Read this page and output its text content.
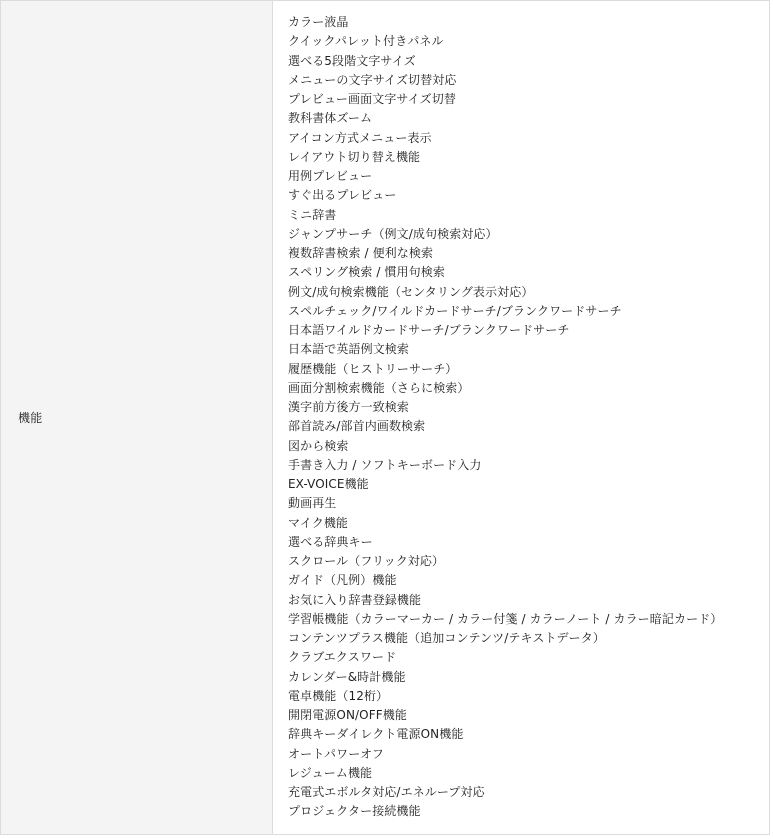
機能

カラー液晶
クイックパレット付きパネル
選べる5段階文字サイズ
メニューの文字サイズ切替対応
プレビュー画面文字サイズ切替
教科書体ズーム
アイコン方式メニュー表示
レイアウト切り替え機能
用例プレビュー
すぐ出るプレビュー
ミニ辞書
ジャンプサーチ（例文/成句検索対応）
複数辞書検索 / 便利な検索
スペリング検索 / 慣用句検索
例文/成句検索機能（センタリング表示対応）
スペルチェック/ワイルドカードサーチ/ブランクワードサーチ
日本語ワイルドカードサーチ/ブランクワードサーチ
日本語で英語例文検索
履歴機能（ヒストリーサーチ）
画面分割検索機能（さらに検索）
漢字前方後方一致検索
部首読み/部首内画数検索
図から検索
手書き入力 / ソフトキーボード入力
EX-VOICE機能
動画再生
マイク機能
選べる辞典キー
スクロール（フリック対応）
ガイド（凡例）機能
お気に入り辞書登録機能
学習帳機能（カラーマーカー / カラー付箋 / カラーノート / カラー暗記カード）
コンテンツプラス機能（追加コンテンツ/テキストデータ）
クラブエクスワード
カレンダー&時計機能
電卓機能（12桁）
開閉電源ON/OFF機能
辞典キーダイレクト電源ON機能
オートパワーオフ
レジューム機能
充電式エボルタ対応/エネループ対応
プロジェクター接続機能
